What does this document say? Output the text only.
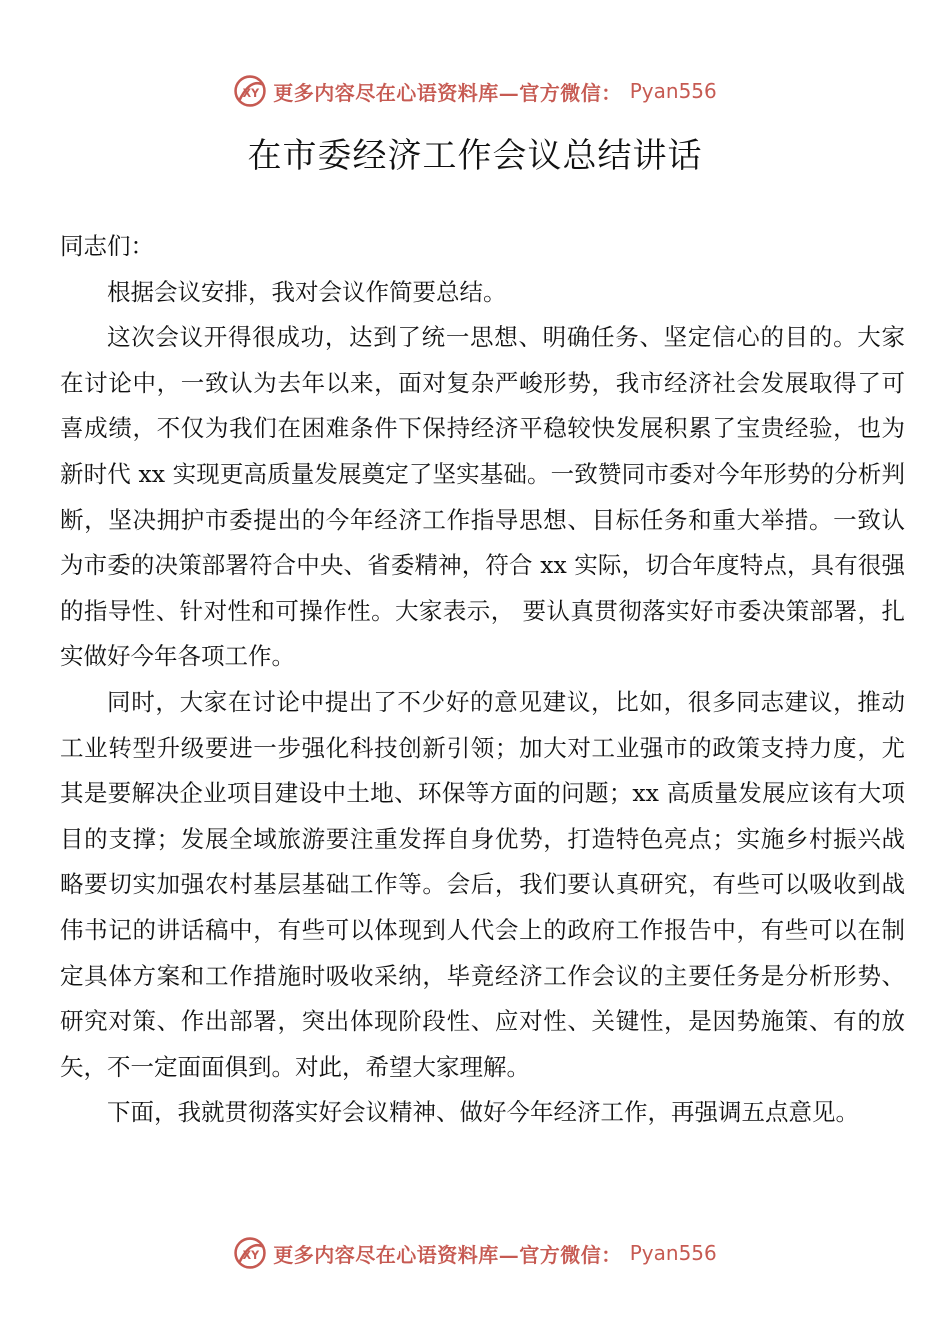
XY 更多内容尽在心语资料库—官方微信： Pyan556
在市委经济工作会议总结讲话

同志们：

根据会议安排，我对会议作简要总结。

这次会议开得很成功，达到了统一思想、明确任务、坚定信心的目的。大家在讨论中，一致认为去年以来，面对复杂严峻形势，我市经济社会发展取得了可喜成绩，不仅为我们在困难条件下保持经济平稳较快发展积累了宝贵经验，也为新时代 xx 实现更高质量发展奠定了坚实基础。一致赞同市委对今年形势的分析判断，坚决拥护市委提出的今年经济工作指导思想、目标任务和重大举措。一致认为市委的决策部署符合中央、省委精神，符合 xx 实际，切合年度特点，具有很强的指导性、针对性和可操作性。大家表示， 要认真贯彻落实好市委决策部署，扎实做好今年各项工作。

同时，大家在讨论中提出了不少好的意见建议，比如，很多同志建议，推动工业转型升级要进一步强化科技创新引领；加大对工业强市的政策支持力度，尤其是要解决企业项目建设中土地、环保等方面的问题；xx 高质量发展应该有大项目的支撑；发展全域旅游要注重发挥自身优势，打造特色亮点；实施乡村振兴战略要切实加强农村基层基础工作等。会后，我们要认真研究，有些可以吸收到战伟书记的讲话稿中，有些可以体现到人代会上的政府工作报告中，有些可以在制定具体方案和工作措施时吸收采纳，毕竟经济工作会议的主要任务是分析形势、研究对策、作出部署，突出体现阶段性、应对性、关键性，是因势施策、有的放矢，不一定面面俱到。对此，希望大家理解。

下面，我就贯彻落实好会议精神、做好今年经济工作，再强调五点意见。

XY 更多内容尽在心语资料库—官方微信： Pyan556
